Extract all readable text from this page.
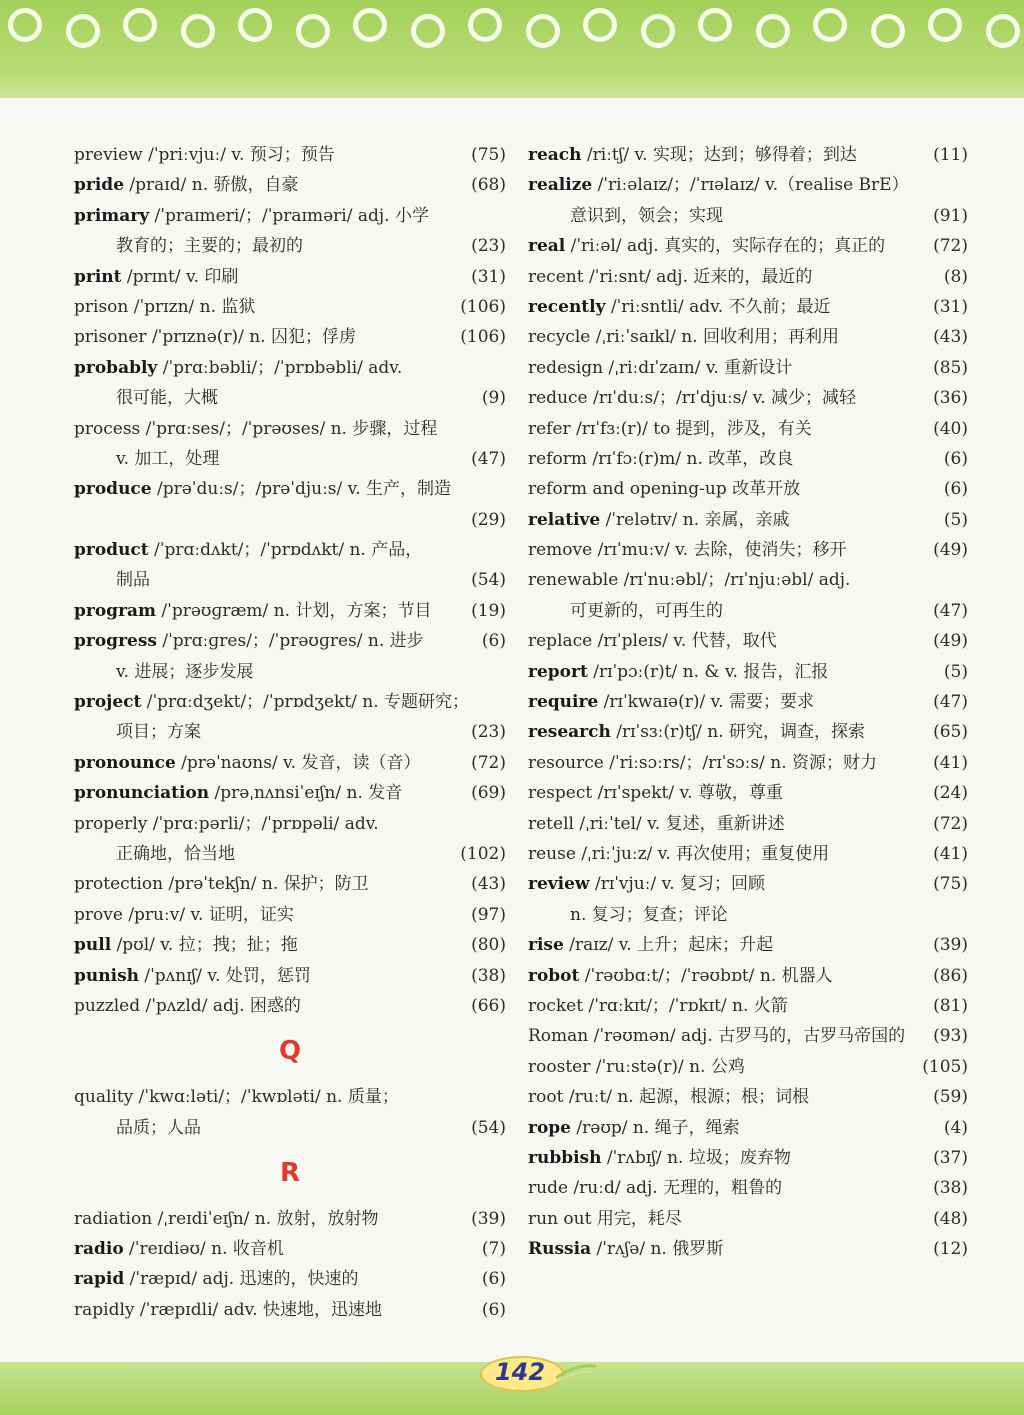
preview /ˈpriːvjuː/ v. 预习；预告	(75)
pride /praɪd/ n. 骄傲，自豪	(68)
primary /ˈpraɪmeri/；/ˈpraɪməri/ adj. 小学
教育的；主要的；最初的	(23)
print /prɪnt/ v. 印刷	(31)
prison /ˈprɪzn/ n. 监狱	(106)
prisoner /ˈprɪznə(r)/ n. 囚犯；俘虏	(106)
probably /ˈprɑːbəbli/；/ˈprɒbəbli/ adv.
很可能，大概	(9)
process /ˈprɑːses/；/ˈprəʊses/ n. 步骤，过程
v. 加工，处理	(47)
produce /prəˈduːs/；/prəˈdjuːs/ v. 生产，制造
(29)
product /ˈprɑːdʌkt/；/ˈprɒdʌkt/ n. 产品，
制品	(54)
program /ˈprəʊɡræm/ n. 计划，方案；节目 (19)
progress /ˈprɑːɡres/；/ˈprəʊɡres/ n. 进步	(6)
v. 进展；逐步发展
project /ˈprɑːdʒekt/；/ˈprɒdʒekt/ n. 专题研究；
项目；方案	(23)
pronounce /prəˈnaʊns/ v. 发音，读（音）	(72)
pronunciation /prəˌnʌnsiˈeɪʃn/ n. 发音	(69)
properly /ˈprɑːpərli/；/ˈprɒpəli/ adv.
正确地，恰当地	(102)
protection /prəˈtekʃn/ n. 保护；防卫	(43)
prove /pruːv/ v. 证明，证实	(97)
pull /pʊl/ v. 拉；拽；扯；拖	(80)
punish /ˈpʌnɪʃ/ v. 处罚，惩罚	(38)
puzzled /ˈpʌzld/ adj. 困惑的	(66)
Q
quality /ˈkwɑːləti/；/ˈkwɒləti/ n. 质量；
品质；人品	(54)
R
radiation /ˌreɪdiˈeɪʃn/ n. 放射，放射物	(39)
radio /ˈreɪdiəʊ/ n. 收音机	(7)
rapid /ˈræpɪd/ adj. 迅速的，快速的	(6)
rapidly /ˈræpɪdli/ adv. 快速地，迅速地	(6)
reach /riːtʃ/ v. 实现；达到；够得着；到达	(11)
realize /ˈriːəlaɪz/；/ˈrɪəlaɪz/ v.（realise BrE）
意识到，领会；实现	(91)
real /ˈriːəl/ adj. 真实的，实际存在的；真正的	(72)
recent /ˈriːsnt/ adj. 近来的，最近的	(8)
recently /ˈriːsntli/ adv. 不久前；最近	(31)
recycle /ˌriːˈsaɪkl/ n. 回收利用；再利用	(43)
redesign /ˌriːdɪˈzaɪn/ v. 重新设计	(85)
reduce /rɪˈduːs/；/rɪˈdjuːs/ v. 减少；减轻	(36)
refer /rɪˈfɜː(r)/ to 提到，涉及，有关	(40)
reform /rɪˈfɔː(r)m/ n. 改革，改良	(6)
reform and opening-up 改革开放	(6)
relative /ˈrelətɪv/ n. 亲属，亲戚	(5)
remove /rɪˈmuːv/ v. 去除，使消失；移开	(49)
renewable /rɪˈnuːəbl/；/rɪˈnjuːəbl/ adj.
可更新的，可再生的	(47)
replace /rɪˈpleɪs/ v. 代替，取代	(49)
report /rɪˈpɔː(r)t/ n. & v. 报告，汇报	(5)
require /rɪˈkwaɪə(r)/ v. 需要；要求	(47)
research /rɪˈsɜː(r)tʃ/ n. 研究，调查，探索	(65)
resource /ˈriːsɔːrs/；/rɪˈsɔːs/ n. 资源；财力	(41)
respect /rɪˈspekt/ v. 尊敬，尊重	(24)
retell /ˌriːˈtel/ v. 复述，重新讲述	(72)
reuse /ˌriːˈjuːz/ v. 再次使用；重复使用	(41)
review /rɪˈvjuː/ v. 复习；回顾	(75)
n. 复习；复查；评论
rise /raɪz/ v. 上升；起床；升起	(39)
robot /ˈrəʊbɑːt/；/ˈrəʊbɒt/ n. 机器人	(86)
rocket /ˈrɑːkɪt/；/ˈrɒkɪt/ n. 火箭	(81)
Roman /ˈrəʊmən/ adj. 古罗马的，古罗马帝国的 (93)
rooster /ˈruːstə(r)/ n. 公鸡	(105)
root /ruːt/ n. 起源，根源；根；词根	(59)
rope /rəʊp/ n. 绳子，绳索	(4)
rubbish /ˈrʌbɪʃ/ n. 垃圾；废弃物	(37)
rude /ruːd/ adj. 无理的，粗鲁的	(38)
run out 用完，耗尽	(48)
Russia /ˈrʌʃə/ n. 俄罗斯	(12)
142
